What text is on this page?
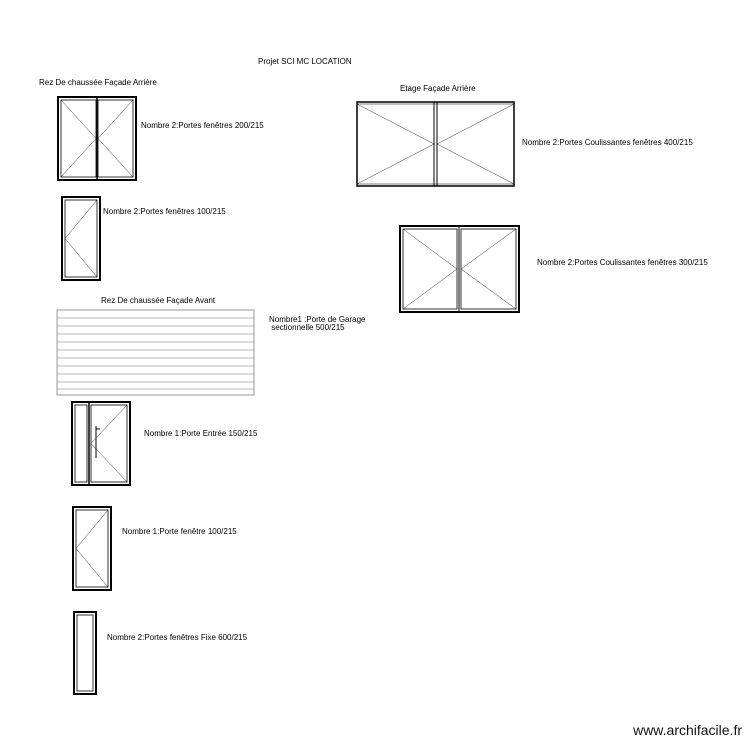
Projet SCI MC LOCATION
Rez De chaussée Façade Arrière
Etage Façade Arrière
Rez De chaussée Façade Avant
Nombre 2:Portes fenêtres 200/215
Nombre 2:Portes fenêtres 100/215
Nombre 2:Portes Coulissantes fenêtres 400/215
Nombre 2:Portes Coulissantes fenêtres 300/215
Nombre1 :Porte de Garage
sectionnelle 500/215
Nombre 1:Porte Entrée 150/215
Nombre 1:Porte fenêtre 100/215
Nombre 2:Portes fenêtres Fixe 600/215
www.archifacile.fr
